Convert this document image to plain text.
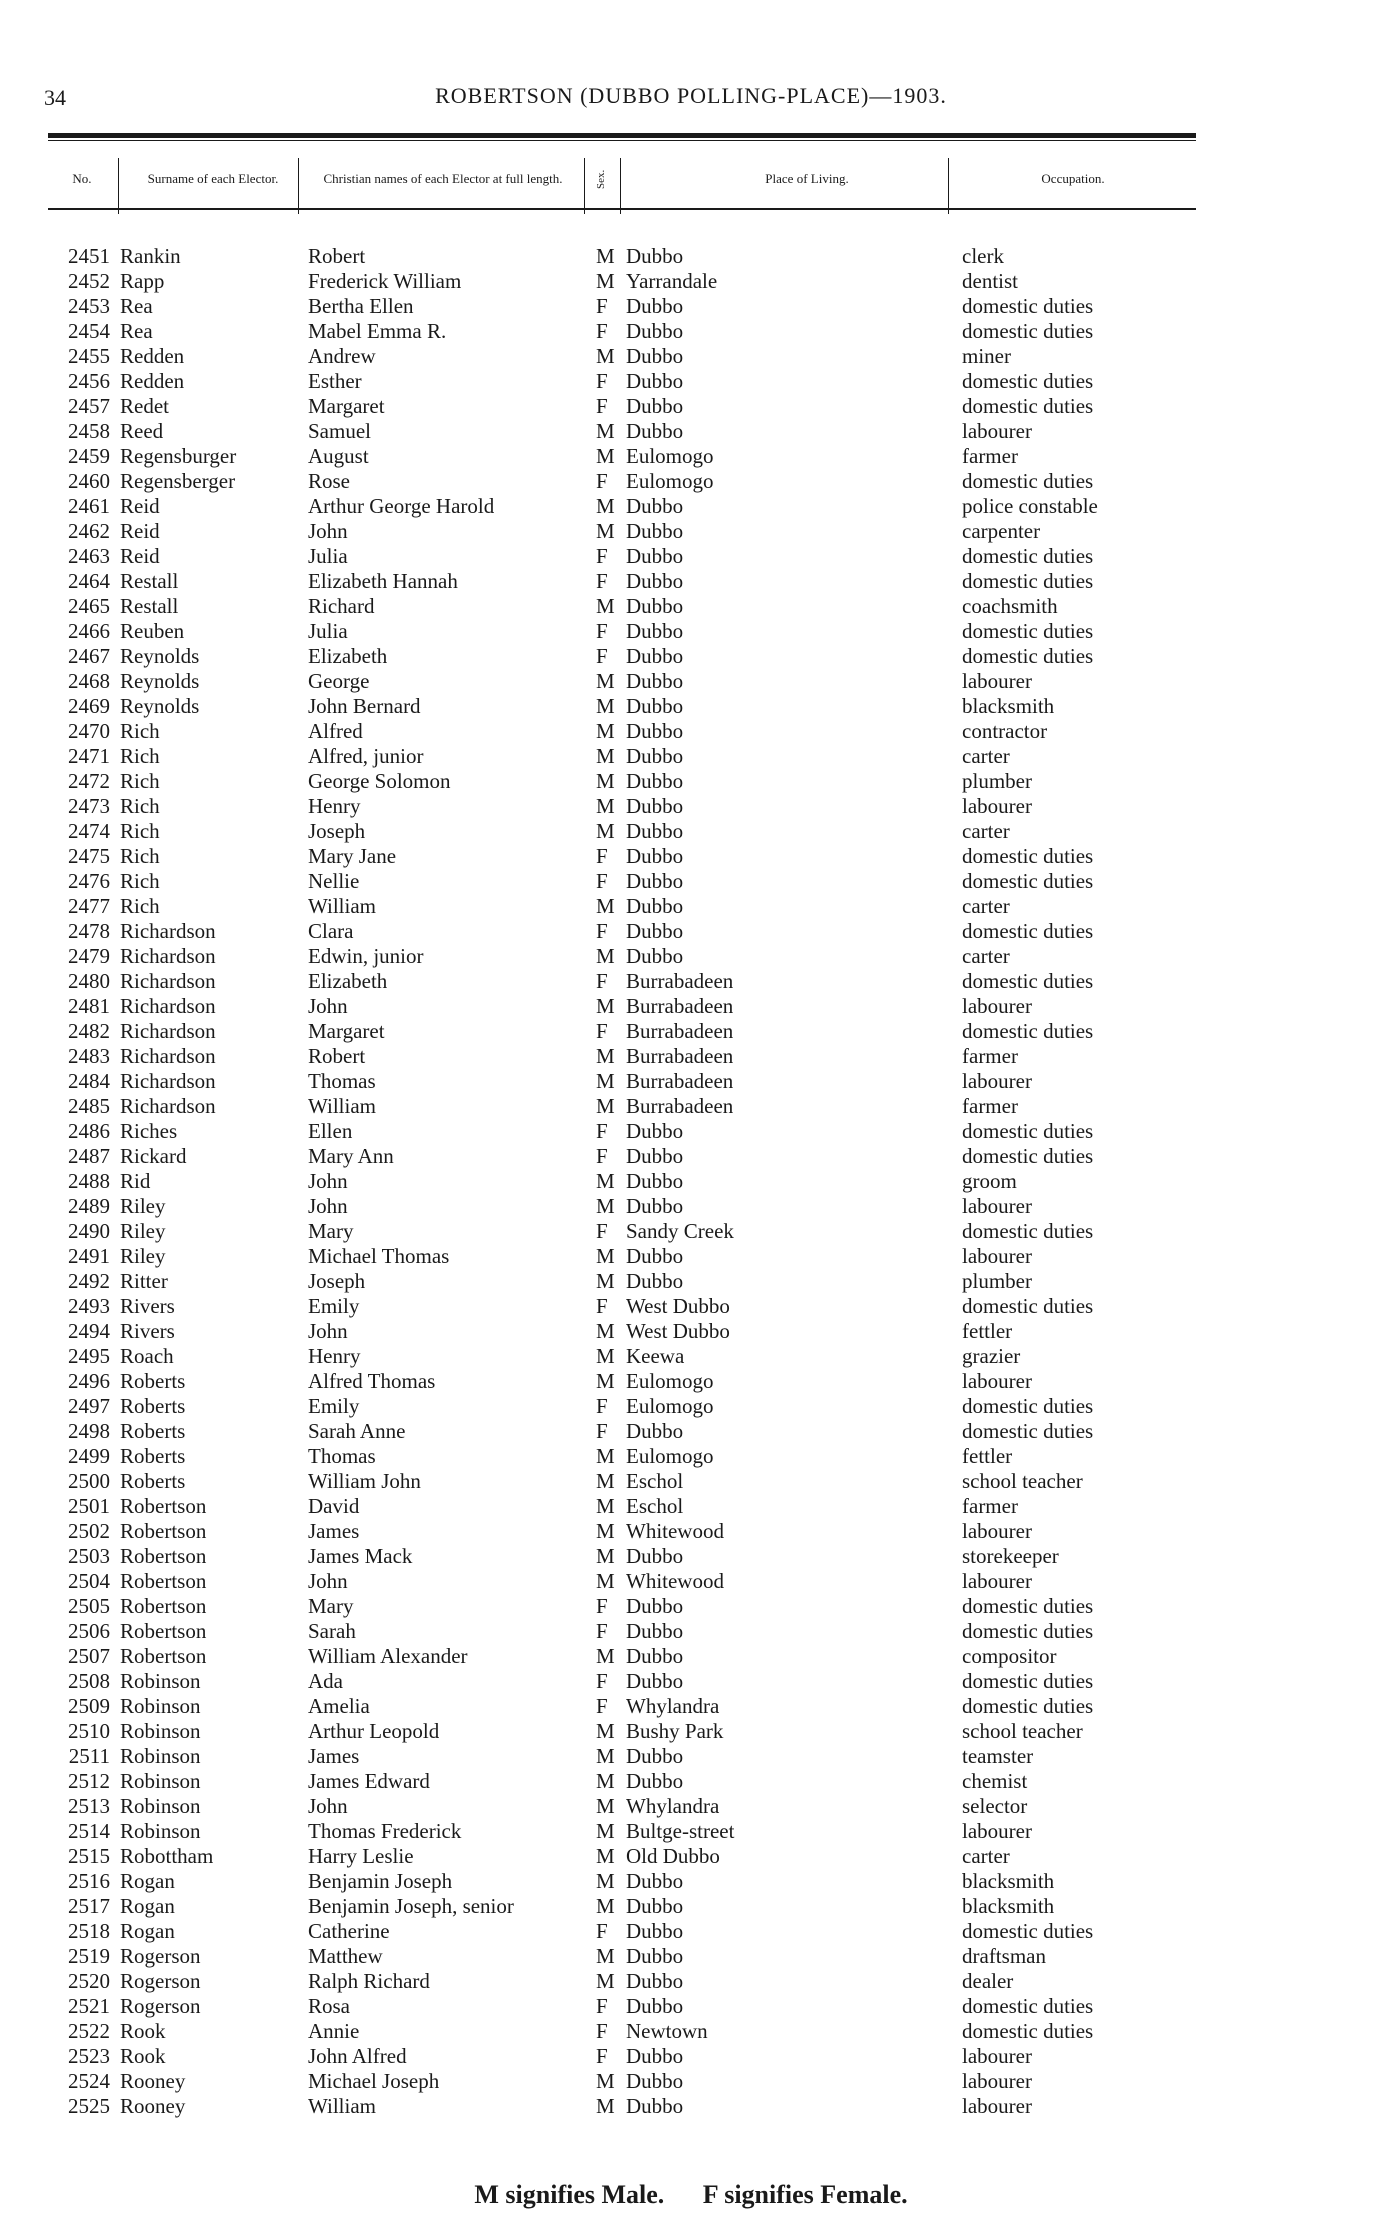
34	ROBERTSON (DUBBO POLLING-PLACE)—1903.
No.	Surname of each Elector.	Christian names of each Elector at full length.	Sex.	Place of Living.	Occupation.
2451 Rankin	Robert	M Dubbo	clerk
2452 Rapp	Frederick William	M Yarrandale	dentist
2453 Rea	Bertha Ellen	F Dubbo	domestic duties
2454 Rea	Mabel Emma R.	F Dubbo	domestic duties
2455 Redden	Andrew	M Dubbo	miner
2456 Redden	Esther	F Dubbo	domestic duties
2457 Redet	Margaret	F Dubbo	domestic duties
2458 Reed	Samuel	M Dubbo	labourer
2459 Regensburger	August	M Eulomogo	farmer
2460 Regensberger	Rose	F Eulomogo	domestic duties
2461 Reid	Arthur George Harold	M Dubbo	police constable
2462 Reid	John	M Dubbo	carpenter
2463 Reid	Julia	F Dubbo	domestic duties
2464 Restall	Elizabeth Hannah	F Dubbo	domestic duties
2465 Restall	Richard	M Dubbo	coachsmith
2466 Reuben	Julia	F Dubbo	domestic duties
2467 Reynolds	Elizabeth	F Dubbo	domestic duties
2468 Reynolds	George	M Dubbo	labourer
2469 Reynolds	John Bernard	M Dubbo	blacksmith
2470 Rich	Alfred	M Dubbo	contractor
2471 Rich	Alfred, junior	M Dubbo	carter
2472 Rich	George Solomon	M Dubbo	plumber
2473 Rich	Henry	M Dubbo	labourer
2474 Rich	Joseph	M Dubbo	carter
2475 Rich	Mary Jane	F Dubbo	domestic duties
2476 Rich	Nellie	F Dubbo	domestic duties
2477 Rich	William	M Dubbo	carter
2478 Richardson	Clara	F Dubbo	domestic duties
2479 Richardson	Edwin, junior	M Dubbo	carter
2480 Richardson	Elizabeth	F Burrabadeen	domestic duties
2481 Richardson	John	M Burrabadeen	labourer
2482 Richardson	Margaret	F Burrabadeen	domestic duties
2483 Richardson	Robert	M Burrabadeen	farmer
2484 Richardson	Thomas	M Burrabadeen	labourer
2485 Richardson	William	M Burrabadeen	farmer
2486 Riches	Ellen	F Dubbo	domestic duties
2487 Rickard	Mary Ann	F Dubbo	domestic duties
2488 Rid	John	M Dubbo	groom
2489 Riley	John	M Dubbo	labourer
2490 Riley	Mary	F Sandy Creek	domestic duties
2491 Riley	Michael Thomas	M Dubbo	labourer
2492 Ritter	Joseph	M Dubbo	plumber
2493 Rivers	Emily	F West Dubbo	domestic duties
2494 Rivers	John	M West Dubbo	fettler
2495 Roach	Henry	M Keewa	grazier
2496 Roberts	Alfred Thomas	M Eulomogo	labourer
2497 Roberts	Emily	F Eulomogo	domestic duties
2498 Roberts	Sarah Anne	F Dubbo	domestic duties
2499 Roberts	Thomas	M Eulomogo	fettler
2500 Roberts	William John	M Eschol	school teacher
2501 Robertson	David	M Eschol	farmer
2502 Robertson	James	M Whitewood	labourer
2503 Robertson	James Mack	M Dubbo	storekeeper
2504 Robertson	John	M Whitewood	labourer
2505 Robertson	Mary	F Dubbo	domestic duties
2506 Robertson	Sarah	F Dubbo	domestic duties
2507 Robertson	William Alexander	M Dubbo	compositor
2508 Robinson	Ada	F Dubbo	domestic duties
2509 Robinson	Amelia	F Whylandra	domestic duties
2510 Robinson	Arthur Leopold	M Bushy Park	school teacher
2511 Robinson	James	M Dubbo	teamster
2512 Robinson	James Edward	M Dubbo	chemist
2513 Robinson	John	M Whylandra	selector
2514 Robinson	Thomas Frederick	M Bultge-street	labourer
2515 Robottham	Harry Leslie	M Old Dubbo	carter
2516 Rogan	Benjamin Joseph	M Dubbo	blacksmith
2517 Rogan	Benjamin Joseph, senior	M Dubbo	blacksmith
2518 Rogan	Catherine	F Dubbo	domestic duties
2519 Rogerson	Matthew	M Dubbo	draftsman
2520 Rogerson	Ralph Richard	M Dubbo	dealer
2521 Rogerson	Rosa	F Dubbo	domestic duties
2522 Rook	Annie	F Newtown	domestic duties
2523 Rook	John Alfred	F Dubbo	labourer
2524 Rooney	Michael Joseph	M Dubbo	labourer
2525 Rooney	William	M Dubbo	labourer
M signifies Male. F signifies Female.
